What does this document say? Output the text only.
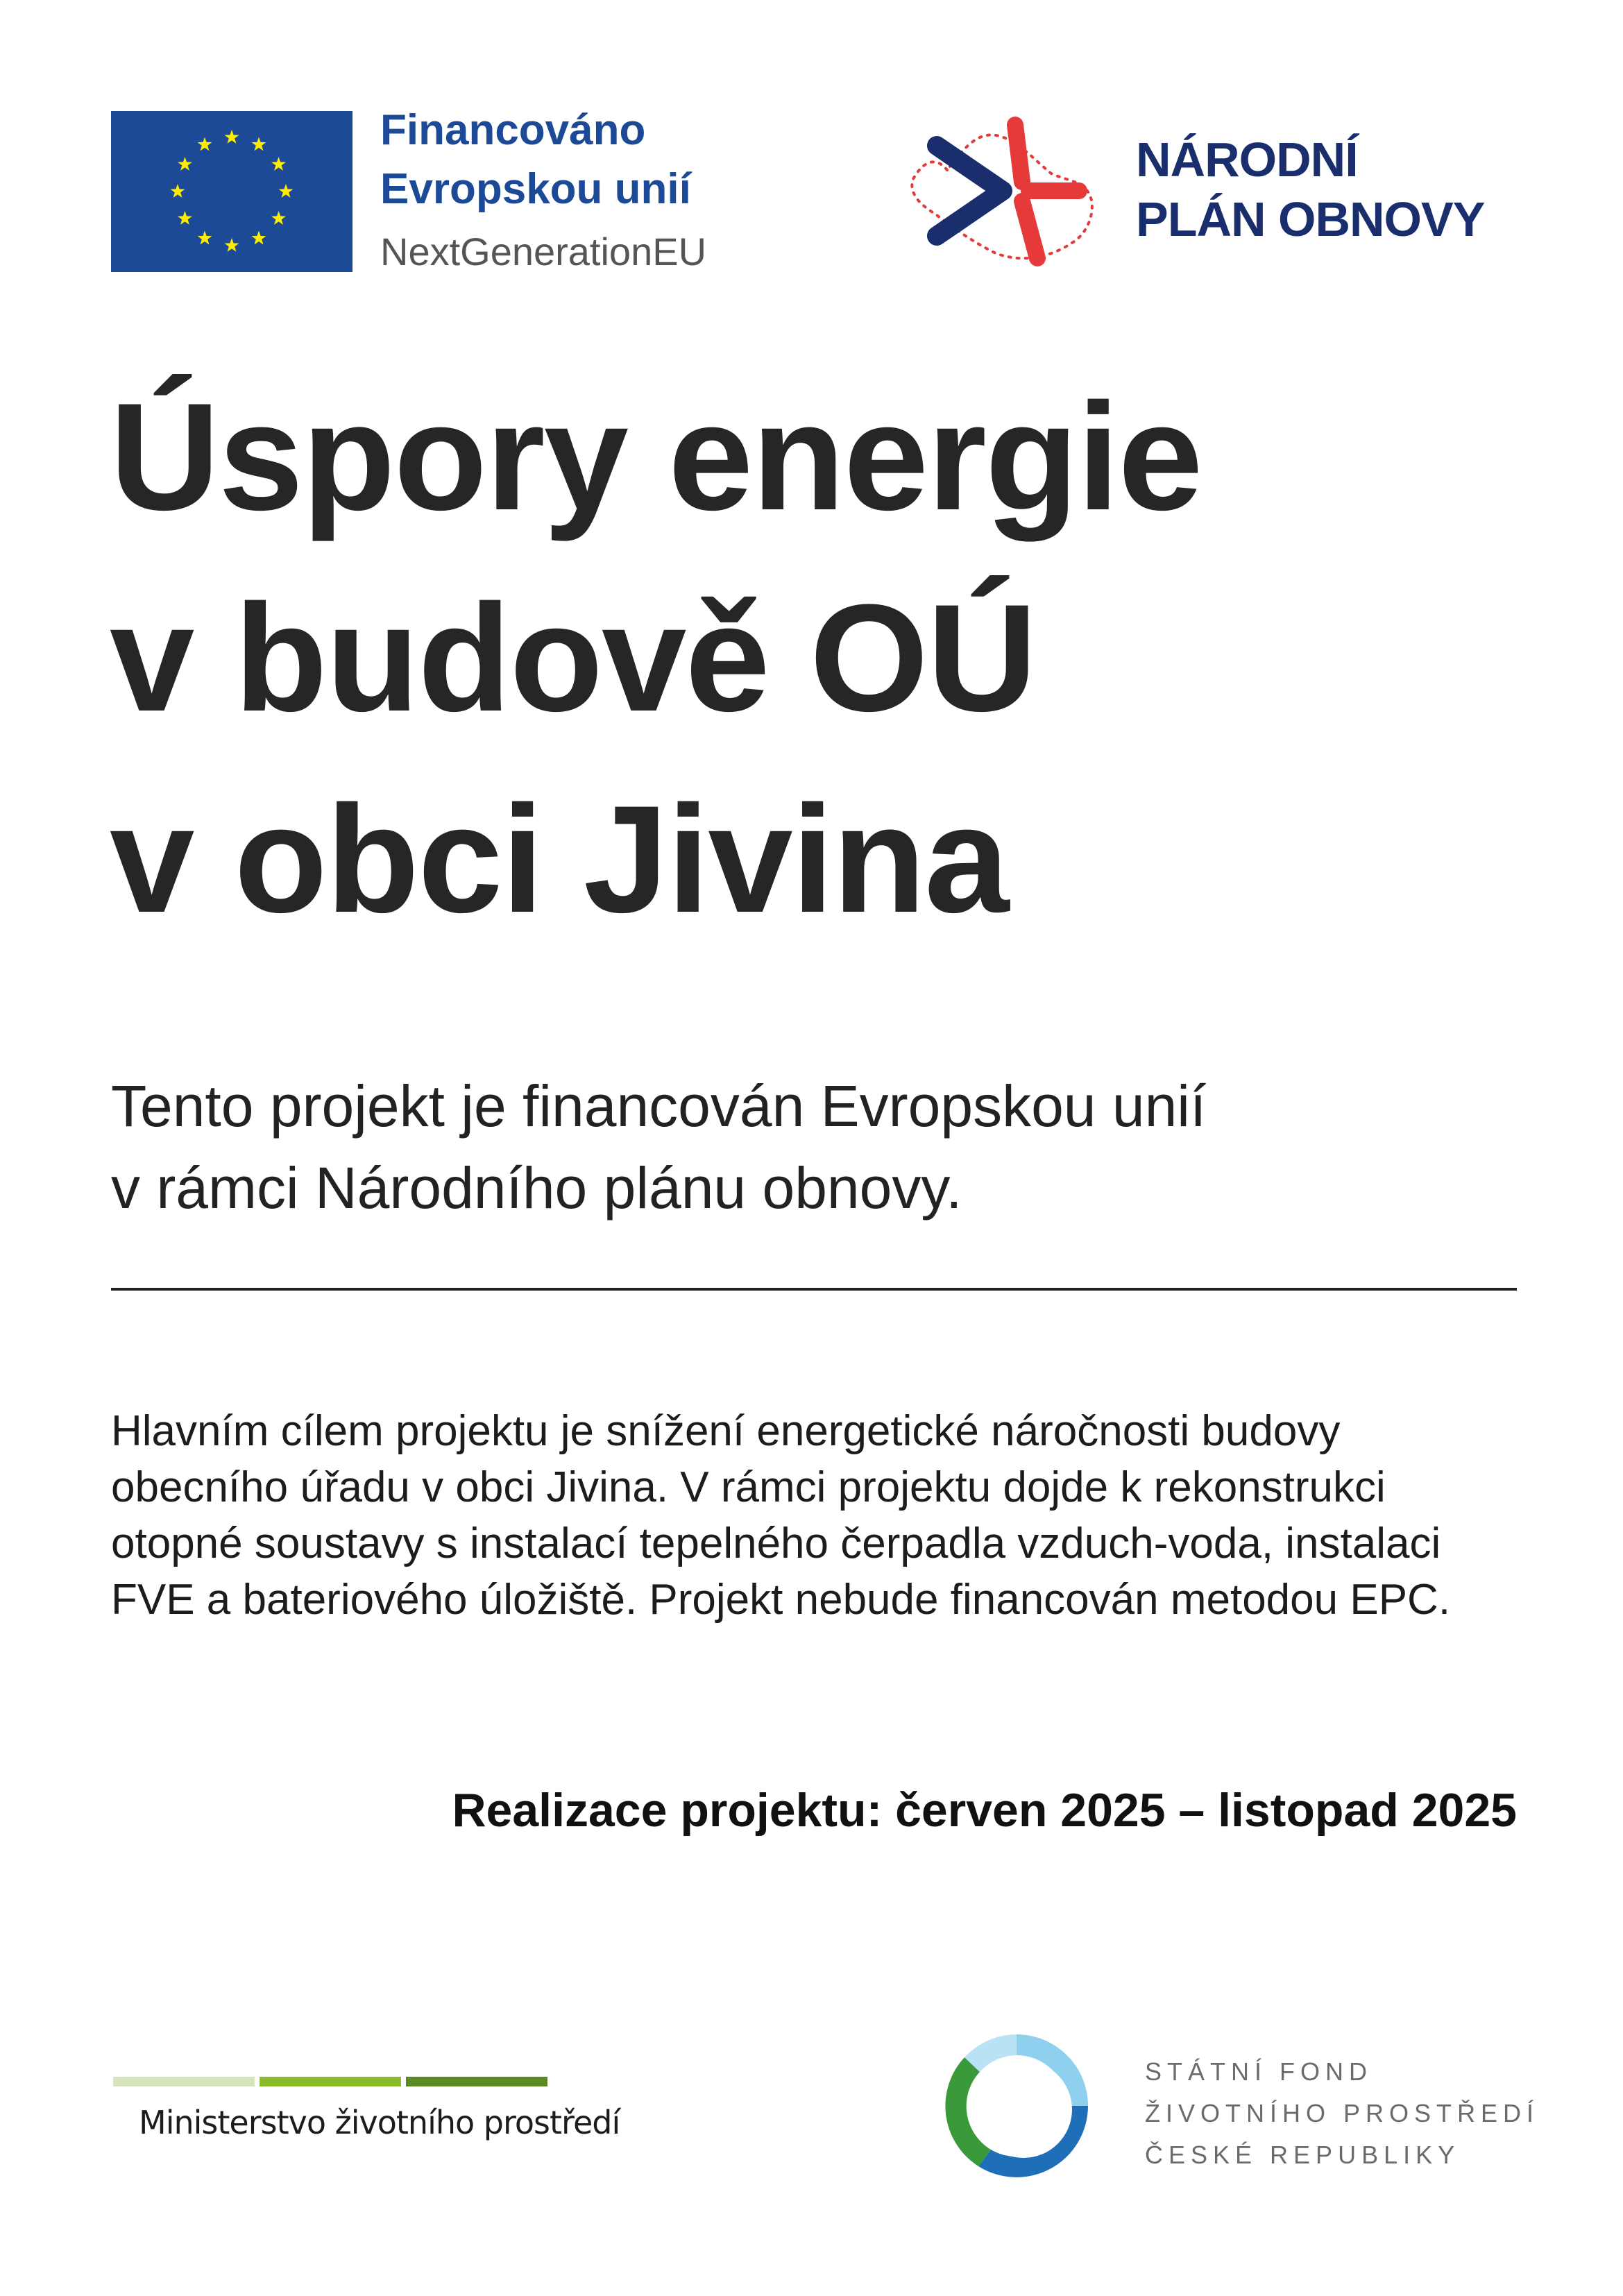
Financováno
Evropskou unií
NextGenerationEU
NÁRODNÍ
PLÁN OBNOVY
Úspory energie
v budově OÚ
v obci Jivina
Tento projekt je financován Evropskou unií
v rámci Národního plánu obnovy.
Hlavním cílem projektu je snížení energetické náročnosti budovy obecního úřadu v obci Jivina. V rámci projektu dojde k rekonstrukci otopné soustavy s instalací tepelného čerpadla vzduch-voda, instalaci FVE a bateriového úložiště. Projekt nebude financován metodou EPC.
Realizace projektu: červen 2025 – listopad 2025
Ministerstvo životního prostředí
STÁTNÍ FOND
ŽIVOTNÍHO PROSTŘEDÍ
ČESKÉ REPUBLIKY
